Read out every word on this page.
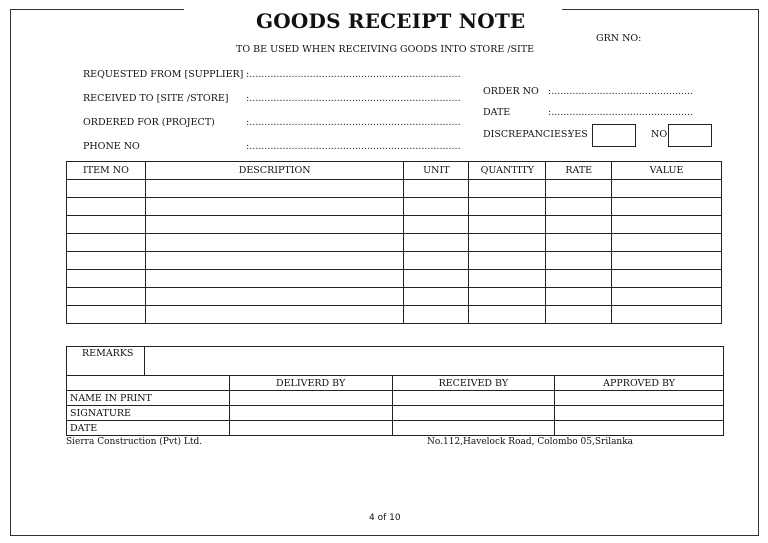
GOODS RECEIPT NOTE
TO BE USED WHEN RECEIVING GOODS INTO STORE /SITE
GRN NO:
REQUESTED FROM [SUPPLIER] :......................................................................
RECEIVED TO [SITE /STORE] :......................................................................
ORDERED FOR (PROJECT)	:......................................................................
PHONE NO	:......................................................................
ORDER NO :...............................................
DATE	:...............................................
DISCREPANCIES:
YES	NO
ITEM NO	DESCRIPTION	UNIT	QUANTITY	RATE	VALUE

REMARKS
	DELIVERD BY	RECEIVED BY	APPROVED BY
NAME IN PRINT			
SIGNATURE			
DATE			
Sierra Construction (Pvt) Ltd.	No.112,Havelock Road, Colombo 05,Srilanka
4 of 10
